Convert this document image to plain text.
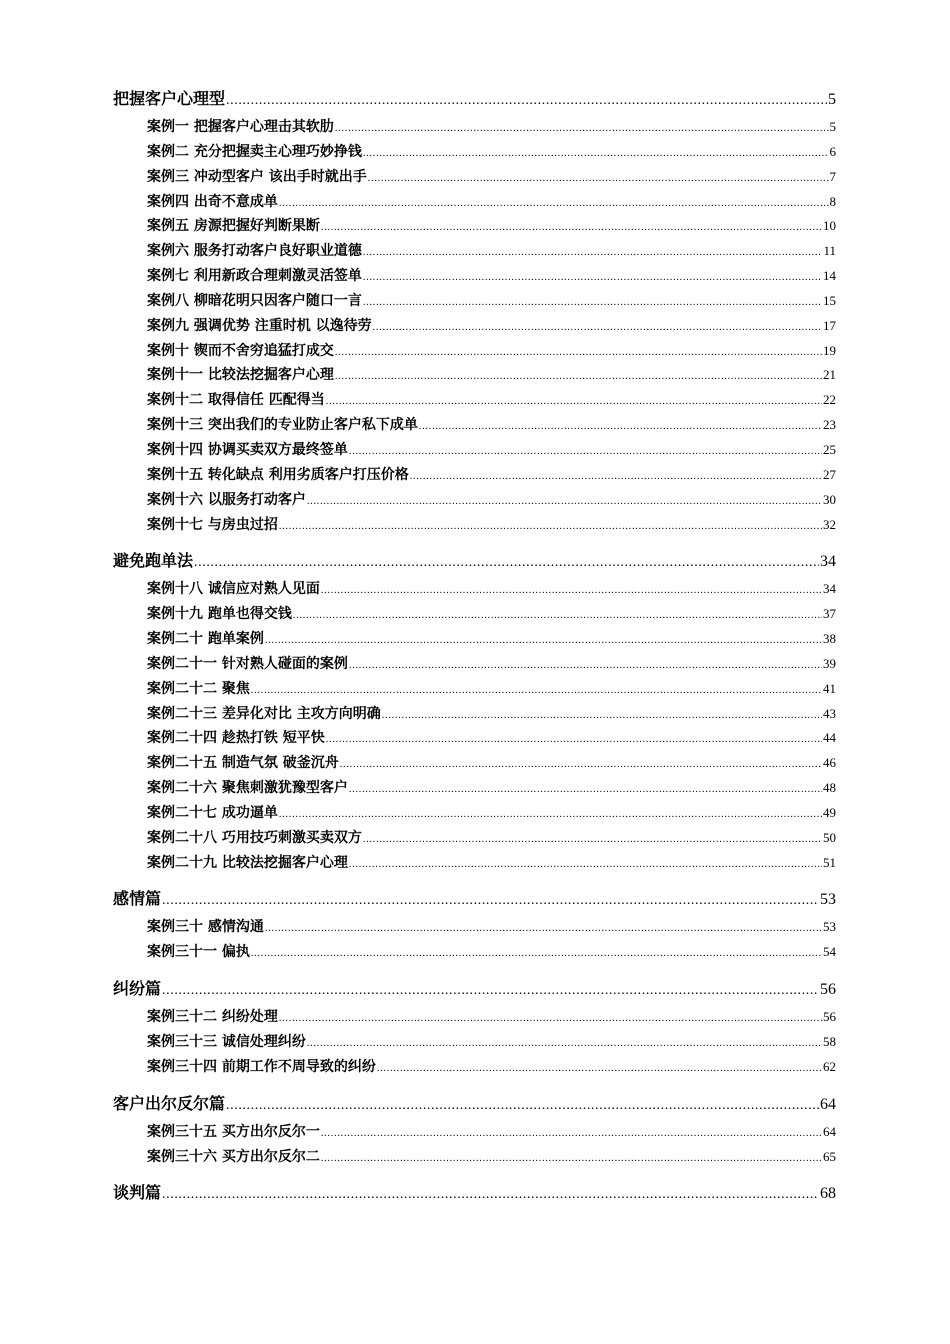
把握客户心理型 .....	5
案例一 把握客户心理击其软肋 .....	5
案例二 充分把握卖主心理巧妙挣钱 .....	6
案例三 冲动型客户 该出手时就出手 .....	7
案例四 出奇不意成单 .....	8
案例五 房源把握好判断果断 .....	10
案例六 服务打动客户良好职业道德 .....	11
案例七 利用新政合理刺激灵活签单 .....	14
案例八 柳暗花明只因客户随口一言 .....	15
案例九 强调优势 注重时机 以逸待劳 .....	17
案例十 锲而不舍穷追猛打成交 .....	19
案例十一 比较法挖掘客户心理 .....	21
案例十二 取得信任 匹配得当 .....	22
案例十三 突出我们的专业防止客户私下成单 .....	23
案例十四 协调买卖双方最终签单 .....	25
案例十五 转化缺点 利用劣质客户打压价格 .....	27
案例十六 以服务打动客户 .....	30
案例十七 与房虫过招 .....	32
避免跑单法 .....	34
案例十八 诚信应对熟人见面 .....	34
案例十九 跑单也得交钱 .....	37
案例二十 跑单案例 .....	38
案例二十一 针对熟人碰面的案例 .....	39
案例二十二 聚焦 .....	41
案例二十三 差异化对比 主攻方向明确 .....	43
案例二十四 趁热打铁 短平快 .....	44
案例二十五 制造气氛 破釜沉舟 .....	46
案例二十六 聚焦刺激犹豫型客户 .....	48
案例二十七 成功逼单 .....	49
案例二十八 巧用技巧刺激买卖双方 .....	50
案例二十九 比较法挖掘客户心理 .....	51
感情篇 .....	53
案例三十 感情沟通 .....	53
案例三十一 偏执 .....	54
纠纷篇 .....	56
案例三十二 纠纷处理 .....	56
案例三十三 诚信处理纠纷 .....	58
案例三十四 前期工作不周导致的纠纷 .....	62
客户出尔反尔篇 .....	64
案例三十五 买方出尔反尔一 .....	64
案例三十六 买方出尔反尔二 .....	65
谈判篇 .....	68
